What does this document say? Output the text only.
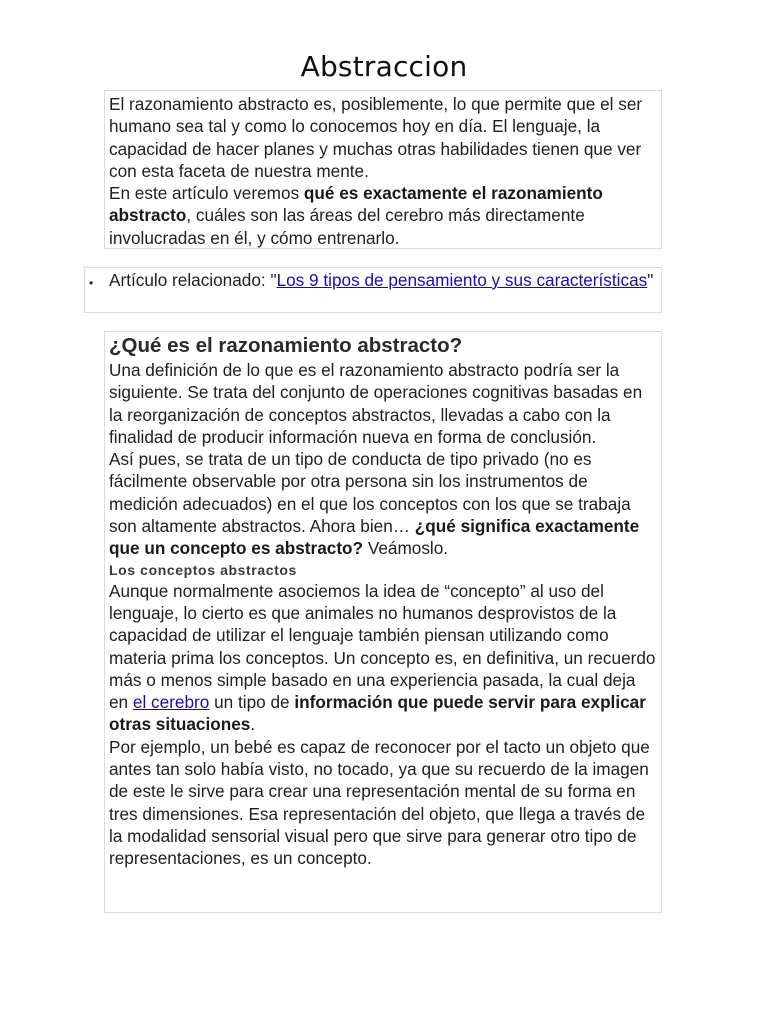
Abstraccion

El razonamiento abstracto es, posiblemente, lo que permite que el ser humano sea tal y como lo conocemos hoy en día. El lenguaje, la capacidad de hacer planes y muchas otras habilidades tienen que ver con esta faceta de nuestra mente.

En este artículo veremos qué es exactamente el razonamiento abstracto, cuáles son las áreas del cerebro más directamente involucradas en él, y cómo entrenarlo.

• Artículo relacionado: "Los 9 tipos de pensamiento y sus características"

¿Qué es el razonamiento abstracto?

Una definición de lo que es el razonamiento abstracto podría ser la siguiente. Se trata del conjunto de operaciones cognitivas basadas en la reorganización de conceptos abstractos, llevadas a cabo con la finalidad de producir información nueva en forma de conclusión.

Así pues, se trata de un tipo de conducta de tipo privado (no es fácilmente observable por otra persona sin los instrumentos de medición adecuados) en el que los conceptos con los que se trabaja son altamente abstractos. Ahora bien… ¿qué significa exactamente que un concepto es abstracto? Veámoslo.

Los conceptos abstractos

Aunque normalmente asociemos la idea de “concepto” al uso del lenguaje, lo cierto es que animales no humanos desprovistos de la capacidad de utilizar el lenguaje también piensan utilizando como materia prima los conceptos. Un concepto es, en definitiva, un recuerdo más o menos simple basado en una experiencia pasada, la cual deja en el cerebro un tipo de información que puede servir para explicar otras situaciones.

Por ejemplo, un bebé es capaz de reconocer por el tacto un objeto que antes tan solo había visto, no tocado, ya que su recuerdo de la imagen de este le sirve para crear una representación mental de su forma en tres dimensiones. Esa representación del objeto, que llega a través de la modalidad sensorial visual pero que sirve para generar otro tipo de representaciones, es un concepto.
